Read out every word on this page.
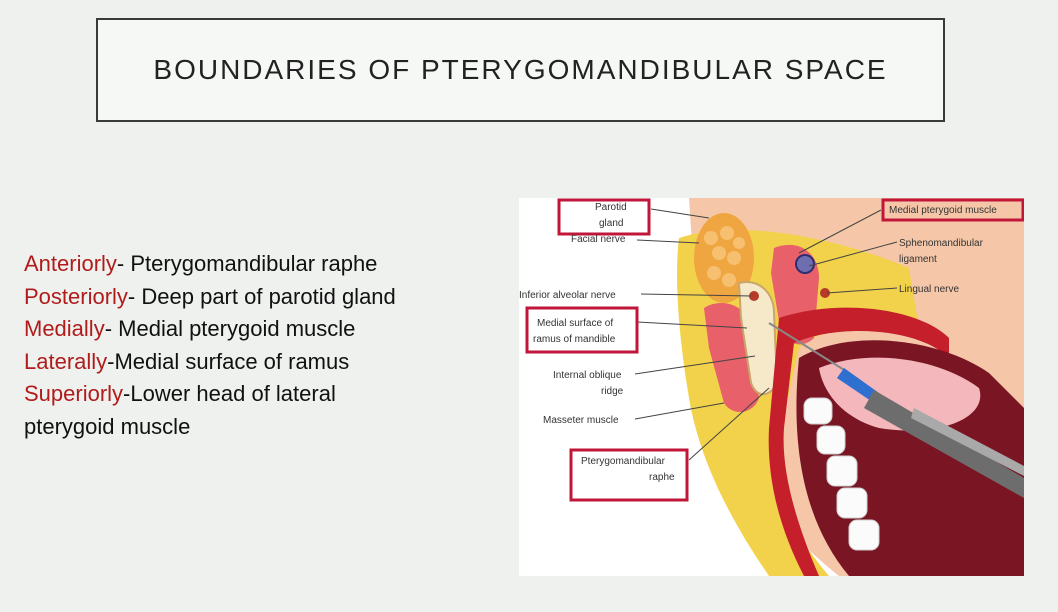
BOUNDARIES OF PTERYGOMANDIBULAR SPACE
Anteriorly- Pterygomandibular raphe
Posteriorly- Deep part of parotid gland
Medially- Medial pterygoid muscle
Laterally-Medial surface of ramus
Superiorly-Lower head of lateral
pterygoid muscle
Parotid
gland
Facial nerve
Inferior alveolar nerve
Medial surface of
ramus of mandible
Internal oblique
ridge
Masseter muscle
Pterygomandibular
raphe
Medial pterygoid muscle
Sphenomandibular
ligament
Lingual nerve
